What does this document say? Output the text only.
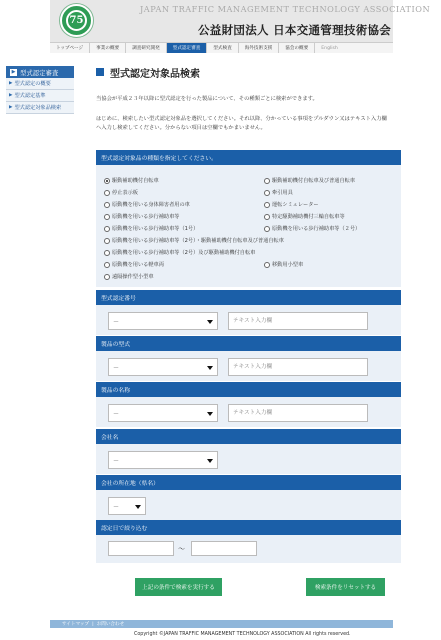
75
JAPAN TRAFFIC MANAGEMENT TECHNOLOGY ASSOCIATION
公益財団法人 日本交通管理技術協会
トップページ	事業の概要	調査研究開発	型式認定審査	型式検査	海外技術支援	協会の概要	English
▶ 型式認定審査
▶ 型式認定の概要
▶ 型式認定基準
▶ 型式認定対象品検索
型式認定対象品検索
当協会が平成２３年以降に型式認定を行った製品について、その種類ごとに検索ができます。
はじめに、検索したい型式認定対象品を選択してください。それ以降、分かっている事項をプルダウン又はテキスト入力欄
へ入力し検索してください。分からない項目は空欄でもかまいません。
型式認定対象品の種類を指定してください。
駆動補助機付自転車
停止表示板
原動機を用いる身体障害者用の車
原動機を用いる歩行補助車等
原動機を用いる歩行補助車等（1号）
原動機を用いる歩行補助車等（2号）・駆動補助機付自転車及び普通自転車
原動機を用いる歩行補助車等（2号）及び駆動補助機付自転車
原動機を用いる軽車両
遠隔操作型小型車
駆動補助機付自転車及び普通自転車
牽引用具
運転シミュレーター
特定駆動補助機付三輪自転車等
原動機を用いる歩行補助車等（２号）
移動用小型車
型式認定番号
－
テキスト入力欄
製品の型式
－
テキスト入力欄
製品の名称
－
テキスト入力欄
会社名
－
会社の所在地（県名）
－
認定日で絞り込む
～
上記の条件で検索を実行する	検索条件をリセットする
サイトマップ | お問い合わせ
Copyright ©JAPAN TRAFFIC MANAGEMENT TECHNOLOGY ASSOCIATION All rights reserved.
